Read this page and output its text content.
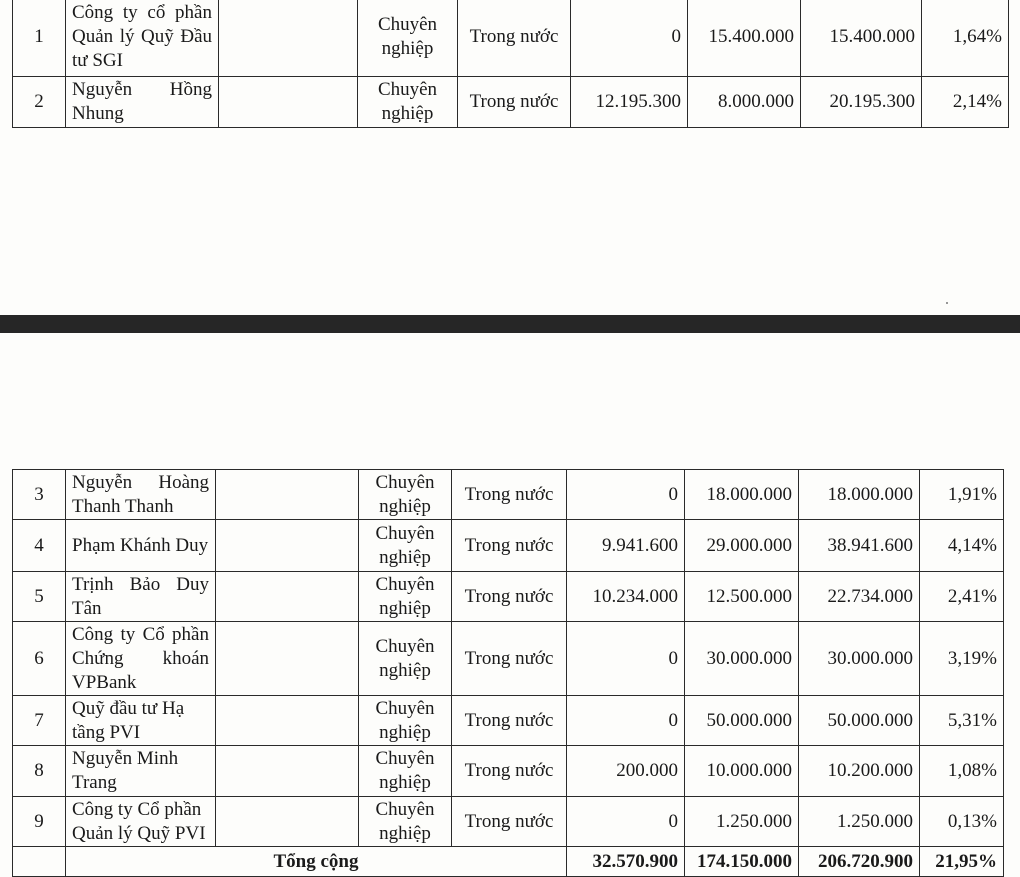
1	Công ty cổ phần Quản lý Quỹ Đầu tư SGI		Chuyên nghiệp	Trong nước	0	15.400.000	15.400.000	1,64%
2	Nguyễn Hồng Nhung		Chuyên nghiệp	Trong nước	12.195.300	8.000.000	20.195.300	2,14%
3	Nguyễn Hoàng Thanh Thanh		Chuyên nghiệp	Trong nước	0	18.000.000	18.000.000	1,91%
4	Phạm Khánh Duy		Chuyên nghiệp	Trong nước	9.941.600	29.000.000	38.941.600	4,14%
5	Trịnh Bảo Duy Tân		Chuyên nghiệp	Trong nước	10.234.000	12.500.000	22.734.000	2,41%
6	Công ty Cổ phần Chứng khoán VPBank		Chuyên nghiệp	Trong nước	0	30.000.000	30.000.000	3,19%
7	Quỹ đầu tư Hạ tầng PVI		Chuyên nghiệp	Trong nước	0	50.000.000	50.000.000	5,31%
8	Nguyễn Minh Trang		Chuyên nghiệp	Trong nước	200.000	10.000.000	10.200.000	1,08%
9	Công ty Cổ phần Quản lý Quỹ PVI		Chuyên nghiệp	Trong nước	0	1.250.000	1.250.000	0,13%
	Tổng cộng				32.570.900	174.150.000	206.720.900	21,95%
